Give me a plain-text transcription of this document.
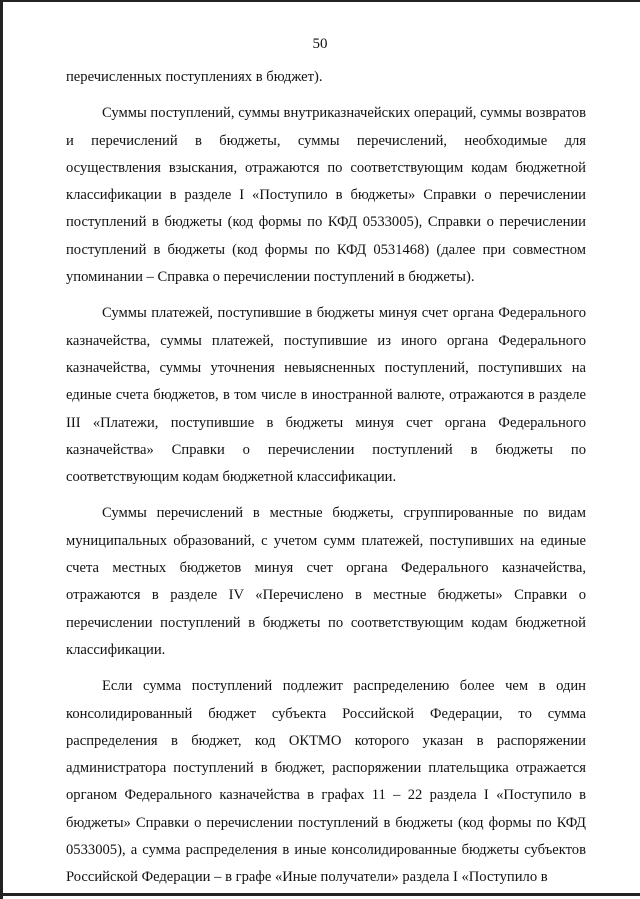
50

перечисленных поступлениях в бюджет).

Суммы поступлений, суммы внутриказначейских операций, суммы возвратов и перечислений в бюджеты, суммы перечислений, необходимые для осуществления взыскания, отражаются по соответствующим кодам бюджетной классификации в разделе I «Поступило в бюджеты» Справки о перечислении поступлений в бюджеты (код формы по КФД 0533005), Справки о перечислении поступлений в бюджеты (код формы по КФД 0531468) (далее при совместном упоминании – Справка о перечислении поступлений в бюджеты).

Суммы платежей, поступившие в бюджеты минуя счет органа Федерального казначейства, суммы платежей, поступившие из иного органа Федерального казначейства, суммы уточнения невыясненных поступлений, поступивших на единые счета бюджетов, в том числе в иностранной валюте, отражаются в разделе III «Платежи, поступившие в бюджеты минуя счет органа Федерального казначейства» Справки о перечислении поступлений в бюджеты по соответствующим кодам бюджетной классификации.

Суммы перечислений в местные бюджеты, сгруппированные по видам муниципальных образований, с учетом сумм платежей, поступивших на единые счета местных бюджетов минуя счет органа Федерального казначейства, отражаются в разделе IV «Перечислено в местные бюджеты» Справки о перечислении поступлений в бюджеты по соответствующим кодам бюджетной классификации.

Если сумма поступлений подлежит распределению более чем в один консолидированный бюджет субъекта Российской Федерации, то сумма распределения в бюджет, код ОКТМО которого указан в распоряжении администратора поступлений в бюджет, распоряжении плательщика отражается органом Федерального казначейства в графах 11 – 22 раздела I «Поступило в бюджеты» Справки о перечислении поступлений в бюджеты (код формы по КФД 0533005), а сумма распределения в иные консолидированные бюджеты субъектов Российской Федерации – в графе «Иные получатели» раздела I «Поступило в
